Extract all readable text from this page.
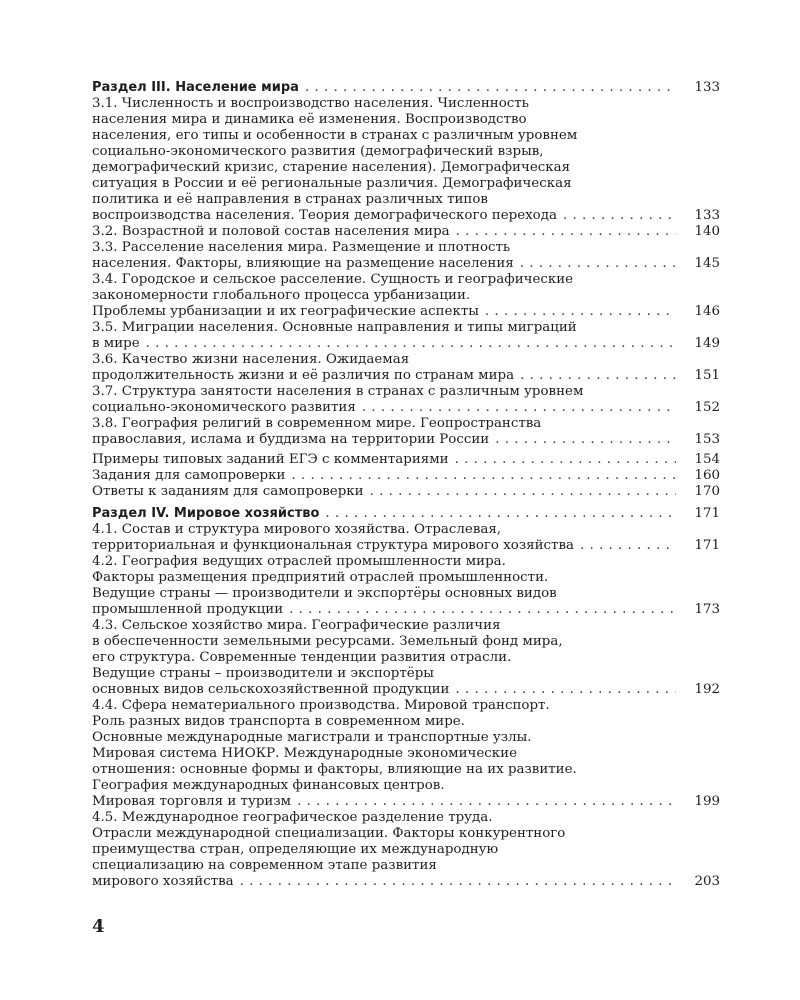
Раздел III. Население мира . . .	133
3.1. Численность и воспроизводство населения. Численность
населения мира и динамика её изменения. Воспроизводство
населения, его типы и особенности в странах с различным уровнем
социально-экономического развития (демографический взрыв,
демографический кризис, старение населения). Демографическая
ситуация в России и её региональные различия. Демографическая
политика и её направления в странах различных типов
воспроизводства населения. Теория демографического перехода . . .	133
3.2. Возрастной и половой состав населения мира . . .	140
3.3. Расселение населения мира. Размещение и плотность
населения. Факторы, влияющие на размещение населения . . .	145
3.4. Городское и сельское расселение. Сущность и географические
закономерности глобального процесса урбанизации.
Проблемы урбанизации и их географические аспекты . . .	146
3.5. Миграции населения. Основные направления и типы миграций
в мире . . .	149
3.6. Качество жизни населения. Ожидаемая
продолжительность жизни и её различия по странам мира . . .	151
3.7. Структура занятости населения в странах с различным уровнем
социально-экономического развития . . .	152
3.8. География религий в современном мире. Геопространства
православия, ислама и буддизма на территории России . . .	153
Примеры типовых заданий ЕГЭ с комментариями . . .	154
Задания для самопроверки . . .	160
Ответы к заданиям для самопроверки . . .	170
Раздел IV. Мировое хозяйство . . .	171
4.1. Состав и структура мирового хозяйства. Отраслевая,
территориальная и функциональная структура мирового хозяйства . . .	171
4.2. География ведущих отраслей промышленности мира.
Факторы размещения предприятий отраслей промышленности.
Ведущие страны — производители и экспортёры основных видов
промышленной продукции . . .	173
4.3. Сельское хозяйство мира. Географические различия
в обеспеченности земельными ресурсами. Земельный фонд мира,
его структура. Современные тенденции развития отрасли.
Ведущие страны – производители и экспортёры
основных видов сельскохозяйственной продукции . . .	192
4.4. Сфера нематериального производства. Мировой транспорт.
Роль разных видов транспорта в современном мире.
Основные международные магистрали и транспортные узлы.
Мировая система НИОКР. Международные экономические
отношения: основные формы и факторы, влияющие на их развитие.
География международных финансовых центров.
Мировая торговля и туризм . . .	199
4.5. Международное географическое разделение труда.
Отрасли международной специализации. Факторы конкурентного
преимущества стран, определяющие их международную
специализацию на современном этапе развития
мирового хозяйства . . .	203
4
